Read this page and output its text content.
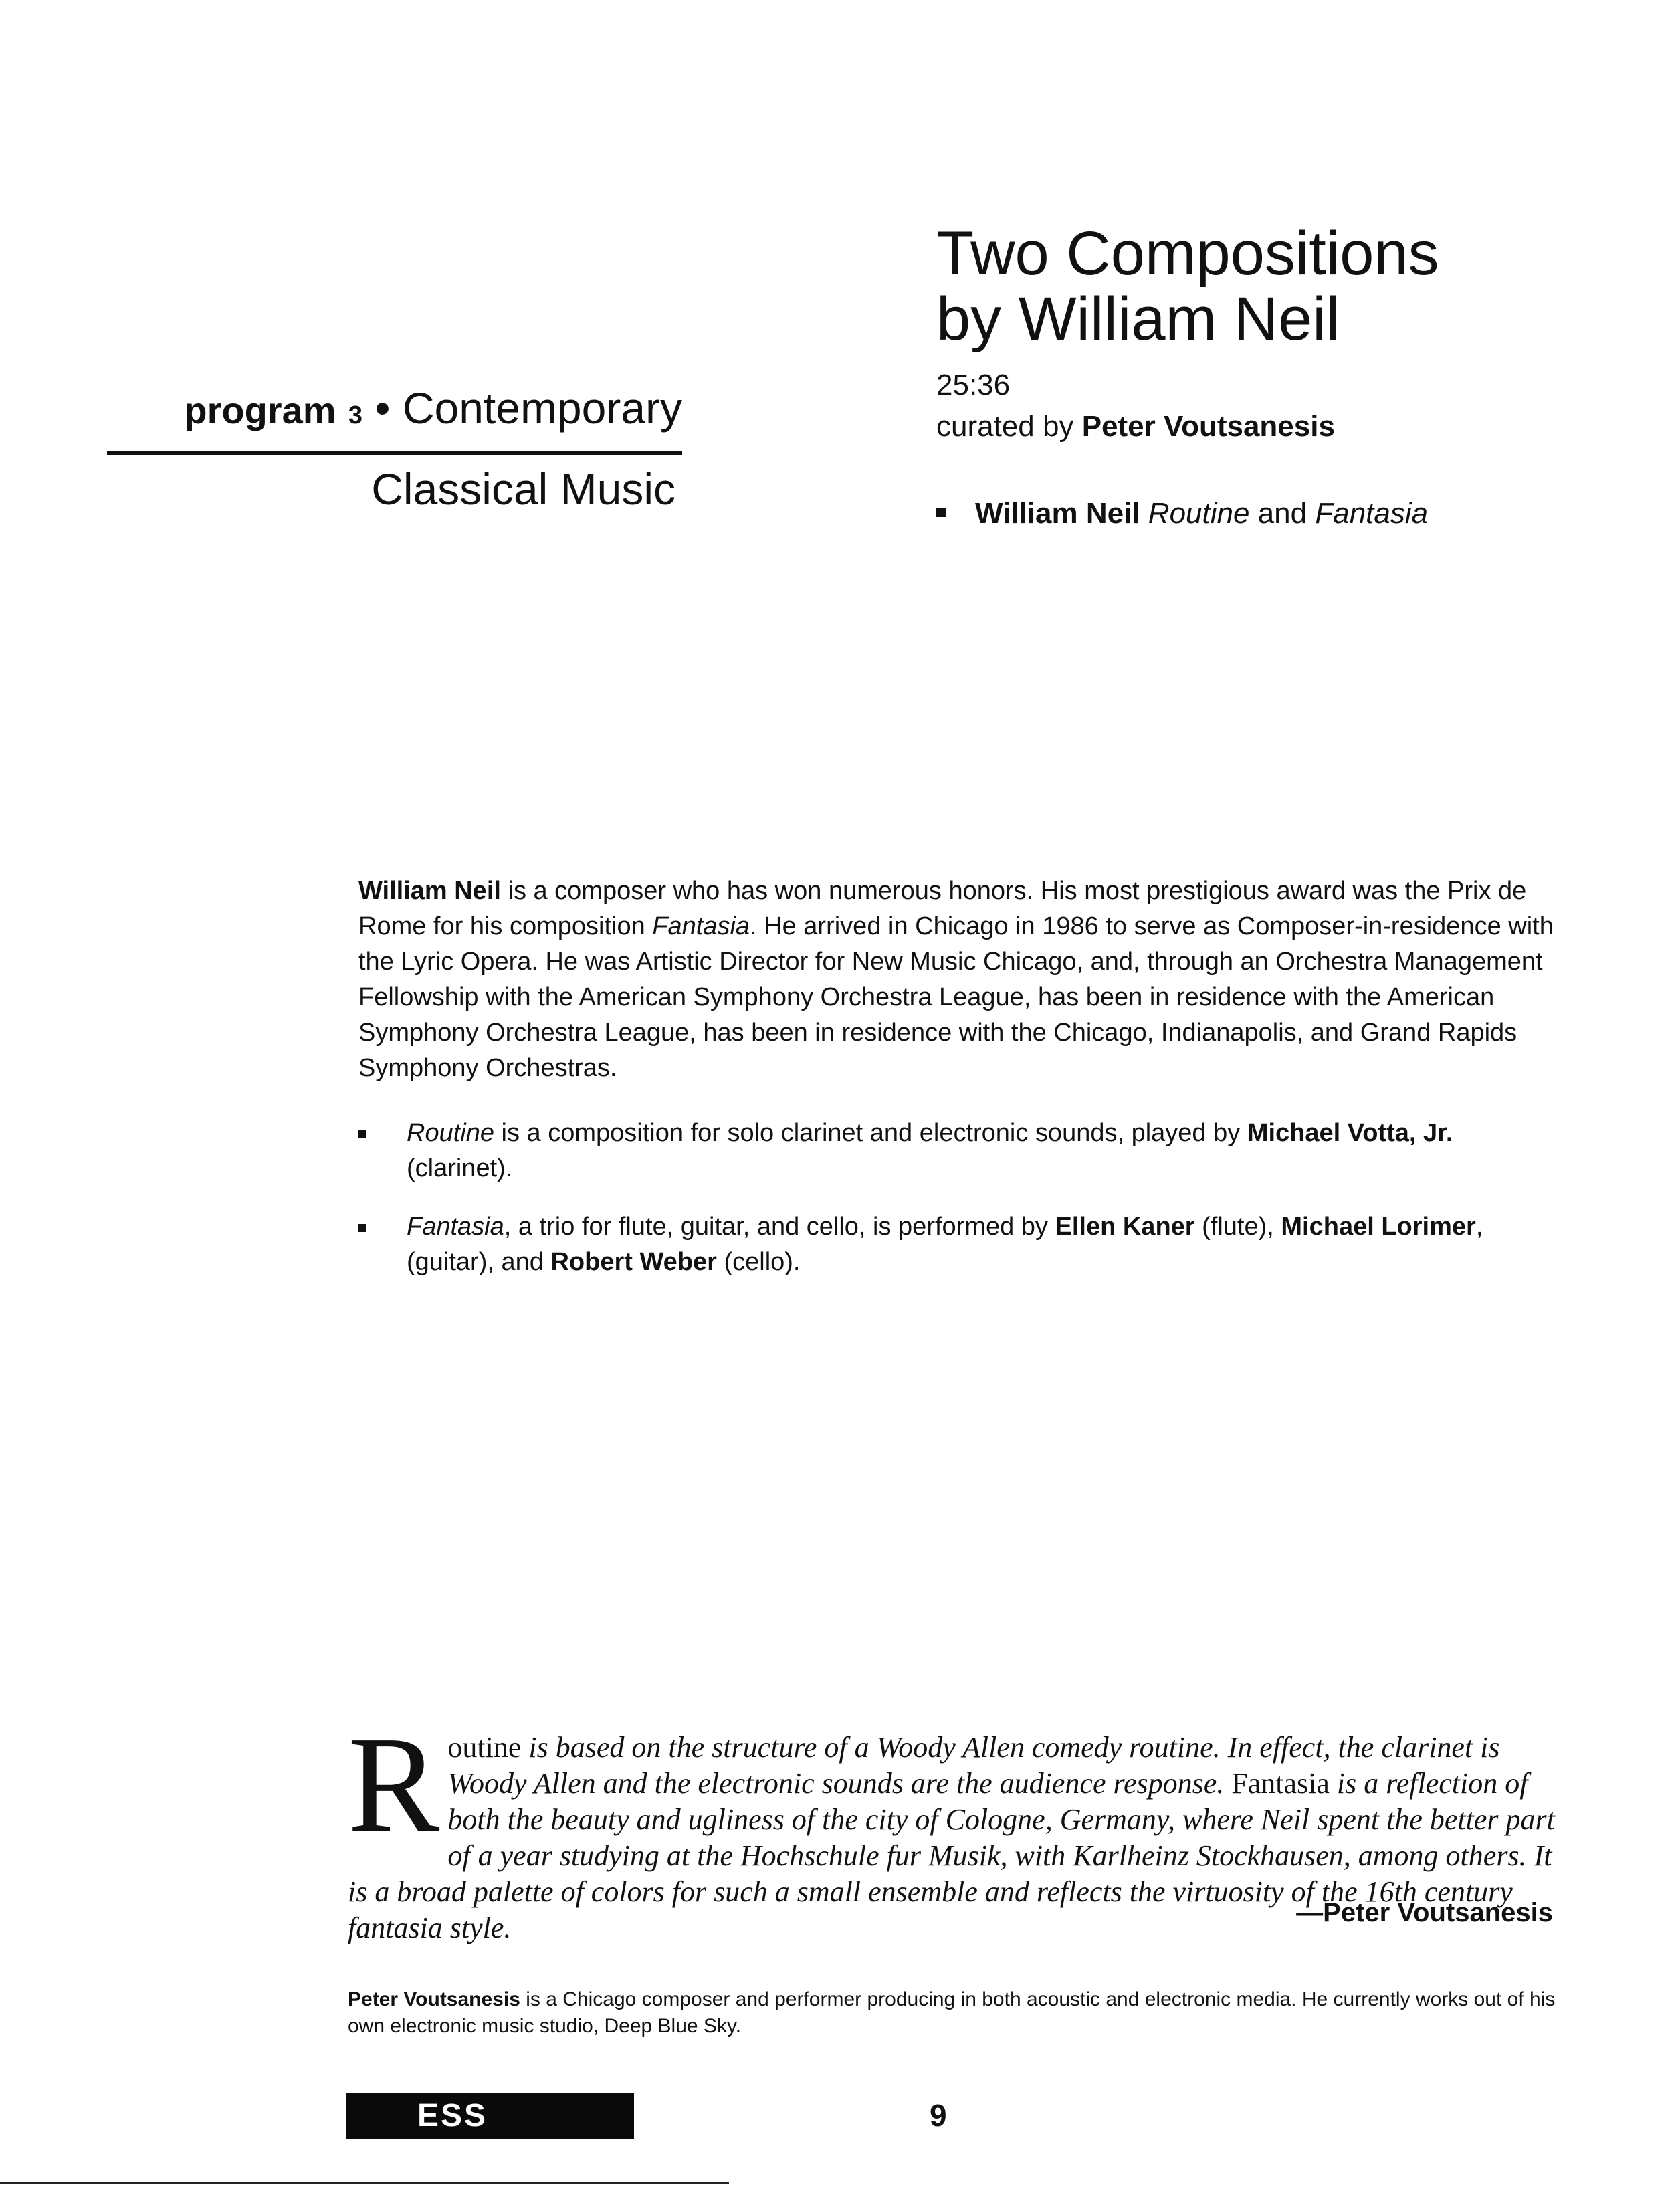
program 3 • Contemporary
Classical Music
Two Compositions
by William Neil
25:36
curated by Peter Voutsanesis
William Neil Routine and Fantasia
William Neil is a composer who has won numerous honors. His most prestigious award was the Prix de Rome for his composition Fantasia. He arrived in Chicago in 1986 to serve as Composer-in-residence with the Lyric Opera. He was Artistic Director for New Music Chicago, and, through an Orchestra Management Fellowship with the American Symphony Orchestra League, has been in residence with the American Symphony Orchestra League, has been in residence with the Chicago, Indianapolis, and Grand Rapids Symphony Orchestras.
Routine is a composition for solo clarinet and electronic sounds, played by Michael Votta, Jr. (clarinet).
Fantasia, a trio for flute, guitar, and cello, is performed by Ellen Kaner (flute), Michael Lorimer, (guitar), and Robert Weber (cello).
Routine is based on the structure of a Woody Allen comedy routine. In effect, the clarinet is Woody Allen and the electronic sounds are the audience response. Fantasia is a reflection of both the beauty and ugliness of the city of Cologne, Germany, where Neil spent the better part of a year studying at the Hochschule fur Musik, with Karlheinz Stockhausen, among others. It is a broad palette of colors for such a small ensemble and reflects the virtuosity of the 16th century fantasia style.	—Peter Voutsanesis
Peter Voutsanesis is a Chicago composer and performer producing in both acoustic and electronic media. He currently works out of his own electronic music studio, Deep Blue Sky.
ESS	9
